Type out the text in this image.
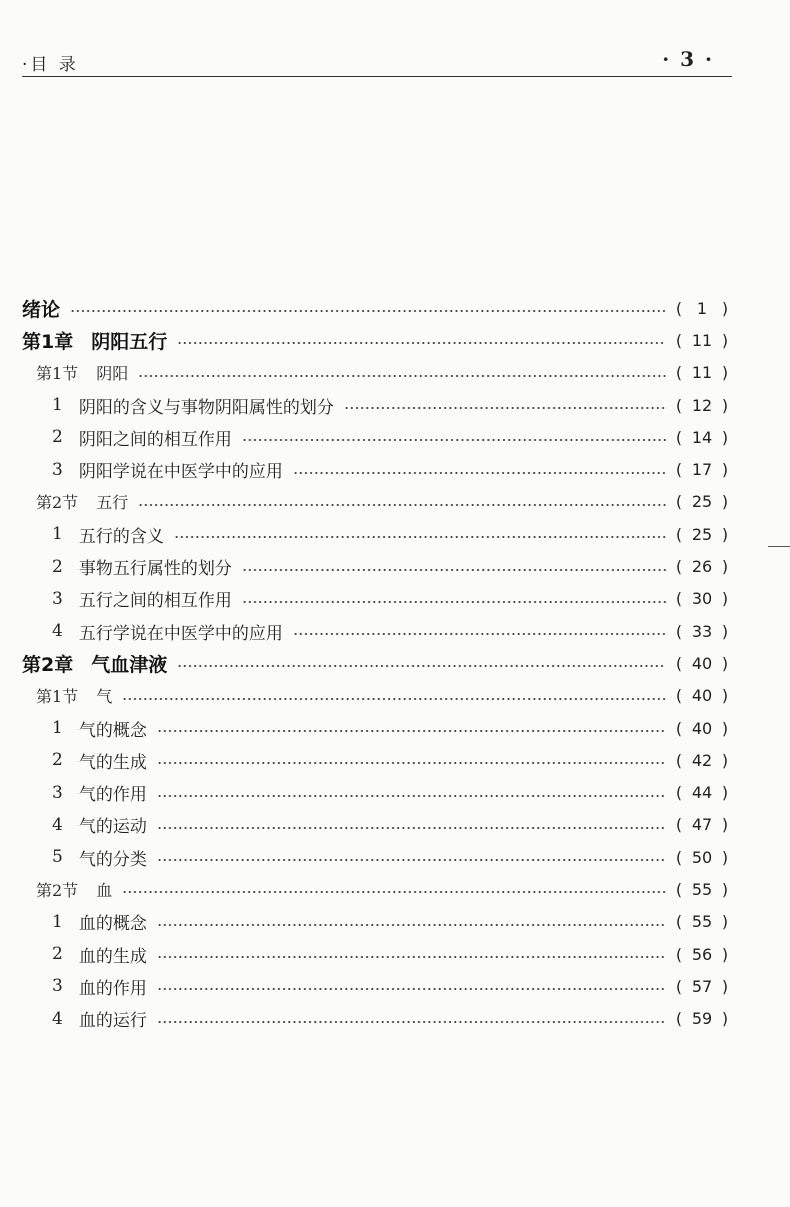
·目 录	· 3 ·
绪论	( 1 )
第1章 阴阳五行	( 11 )
第1节 阴阳	( 11 )
1 阴阳的含义与事物阴阳属性的划分	( 12 )
2 阴阳之间的相互作用	( 14 )
3 阴阳学说在中医学中的应用	( 17 )
第2节 五行	( 25 )
1 五行的含义	( 25 )
2 事物五行属性的划分	( 26 )
3 五行之间的相互作用	( 30 )
4 五行学说在中医学中的应用	( 33 )
第2章 气血津液	( 40 )
第1节 气	( 40 )
1 气的概念	( 40 )
2 气的生成	( 42 )
3 气的作用	( 44 )
4 气的运动	( 47 )
5 气的分类	( 50 )
第2节 血	( 55 )
1 血的概念	( 55 )
2 血的生成	( 56 )
3 血的作用	( 57 )
4 血的运行	( 59 )
